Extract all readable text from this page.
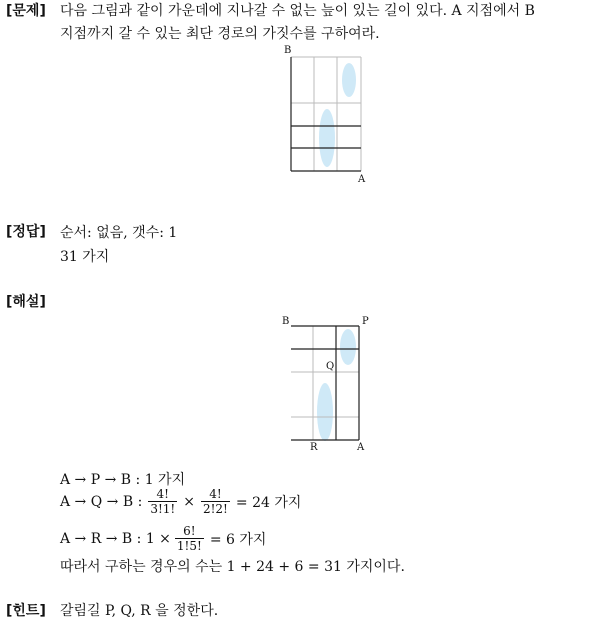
[문제] 다음 그림과 같이 가운데에 지나갈 수 없는 늪이 있는 길이 있다. A 지점에서 B
지점까지 갈 수 있는 최단 경로의 가짓수를 구하여라.
B
A
[정답] 순서: 없음, 갯수: 1
31 가지
[해설]
B	P
Q
R	A
A → P → B : 1 가지
A → Q → B : $\frac{4!}{3!1!} \times \frac{4!}{2!2!} = 24$ 가지
A → R → B : $1 \times \frac{6!}{1!5!} = 6$ 가지
따라서 구하는 경우의 수는 1 + 24 + 6 = 31 가지이다.
[힌트] 갈림길 P, Q, R 을 정한다.
